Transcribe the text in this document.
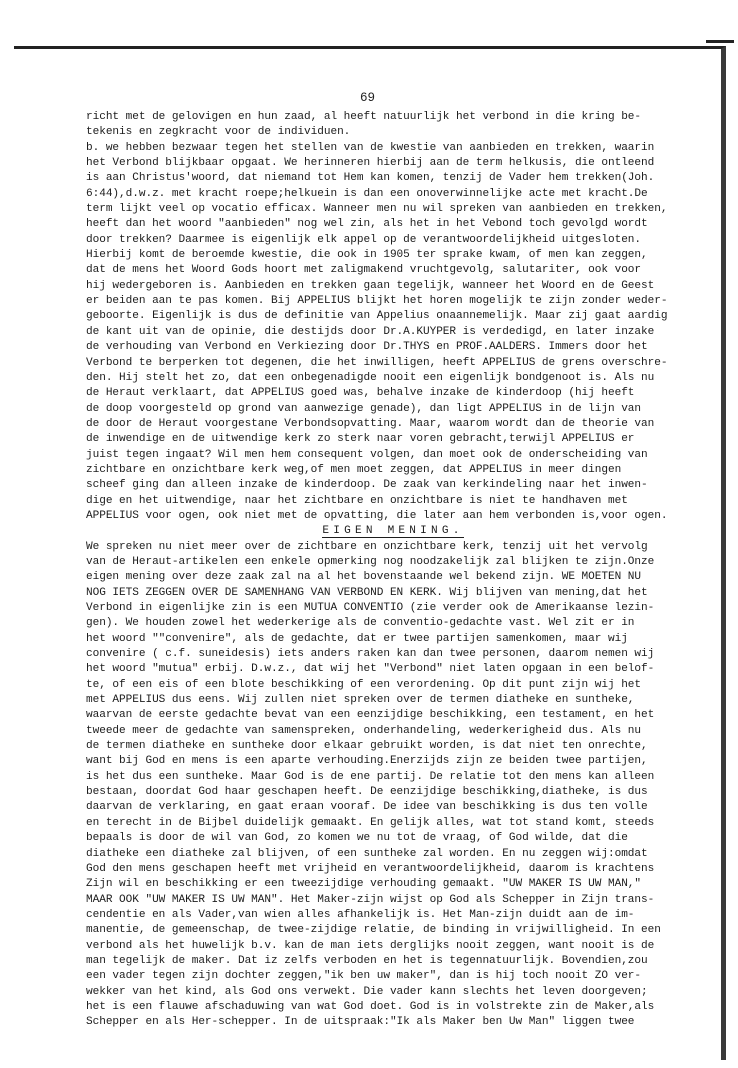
69
richt met de gelovigen en hun zaad, al heeft natuurlijk het verbond in die kring be-
tekenis en zegkracht voor de individuen.
b. we hebben bezwaar tegen het stellen van de kwestie van aanbieden en trekken, waarin
het Verbond blijkbaar opgaat. We herinneren hierbij aan de term helkusis, die ontleend
is aan Christus'woord, dat niemand tot Hem kan komen, tenzij de Vader hem trekken(Joh.
6:44),d.w.z. met kracht roepe;helkuein is dan een onoverwinnelijke acte met kracht.De
term lijkt veel op vocatio efficax. Wanneer men nu wil spreken van aanbieden en trekken,
heeft dan het woord "aanbieden" nog wel zin, als het in het Vebond toch gevolgd wordt
door trekken? Daarmee is eigenlijk elk appel op de verantwoordelijkheid uitgesloten.
Hierbij komt de beroemde kwestie, die ook in 1905 ter sprake kwam, of men kan zeggen,
dat de mens het Woord Gods hoort met zaligmakend vruchtgevolg, salutariter, ook voor
hij wedergeboren is. Aanbieden en trekken gaan tegelijk, wanneer het Woord en de Geest
er beiden aan te pas komen. Bij APPELIUS blijkt het horen mogelijk te zijn zonder weder-
geboorte. Eigenlijk is dus de definitie van Appelius onaannemelijk. Maar zij gaat aardig
de kant uit van de opinie, die destijds door Dr.A.KUYPER is verdedigd, en later inzake
de verhouding van Verbond en Verkiezing door Dr.THYS en PROF.AALDERS. Immers door het
Verbond te berperken tot degenen, die het inwilligen, heeft APPELIUS de grens overschre-
den. Hij stelt het zo, dat een onbegenadigde nooit een eigenlijk bondgenoot is. Als nu
de Heraut verklaart, dat APPELIUS goed was, behalve inzake de kinderdoop (hij heeft
de doop voorgesteld op grond van aanwezige genade), dan ligt APPELIUS in de lijn van
de door de Heraut voorgestane Verbondsopvatting. Maar, waarom wordt dan de theorie van
de inwendige en de uitwendige kerk zo sterk naar voren gebracht,terwijl APPELIUS er
juist tegen ingaat? Wil men hem consequent volgen, dan moet ook de onderscheiding van
zichtbare en onzichtbare kerk weg,of men moet zeggen, dat APPELIUS in meer dingen
scheef ging dan alleen inzake de kinderdoop. De zaak van kerkindeling naar het inwen-
dige en het uitwendige, naar het zichtbare en onzichtbare is niet te handhaven met
APPELIUS voor ogen, ook niet met de opvatting, die later aan hem verbonden is,voor ogen.
EIGEN MENING.
We spreken nu niet meer over de zichtbare en onzichtbare kerk, tenzij uit het vervolg
van de Heraut-artikelen een enkele opmerking nog noodzakelijk zal blijken te zijn.Onze
eigen mening over deze zaak zal na al het bovenstaande wel bekend zijn. WE MOETEN NU
NOG IETS ZEGGEN OVER DE SAMENHANG VAN VERBOND EN KERK. Wij blijven van mening,dat het
Verbond in eigenlijke zin is een MUTUA CONVENTIO (zie verder ook de Amerikaanse lezin-
gen). We houden zowel het wederkerige als de conventio-gedachte vast. Wel zit er in
het woord ""convenire", als de gedachte, dat er twee partijen samenkomen, maar wij
convenire ( c.f. suneidesis) iets anders raken kan dan twee personen, daarom nemen wij
het woord "mutua" erbij. D.w.z., dat wij het "Verbond" niet laten opgaan in een belof-
te, of een eis of een blote beschikking of een verordening. Op dit punt zijn wij het
met APPELIUS dus eens. Wij zullen niet spreken over de termen diatheke en suntheke,
waarvan de eerste gedachte bevat van een eenzijdige beschikking, een testament, en het
tweede meer de gedachte van samenspreken, onderhandeling, wederkerigheid dus. Als nu
de termen diatheke en suntheke door elkaar gebruikt worden, is dat niet ten onrechte,
want bij God en mens is een aparte verhouding.Enerzijds zijn ze beiden twee partijen,
is het dus een suntheke. Maar God is de ene partij. De relatie tot den mens kan alleen
bestaan, doordat God haar geschapen heeft. De eenzijdige beschikking,diatheke, is dus
daarvan de verklaring, en gaat eraan vooraf. De idee van beschikking is dus ten volle
en terecht in de Bijbel duidelijk gemaakt. En gelijk alles, wat tot stand komt, steeds
bepaals is door de wil van God, zo komen we nu tot de vraag, of God wilde, dat die
diatheke een diatheke zal blijven, of een suntheke zal worden. En nu zeggen wij:omdat
God den mens geschapen heeft met vrijheid en verantwoordelijkheid, daarom is krachtens
Zijn wil en beschikking er een tweezijdige verhouding gemaakt. "UW MAKER IS UW MAN,"
MAAR OOK "UW MAKER IS UW MAN". Het Maker-zijn wijst op God als Schepper in Zijn trans-
cendentie en als Vader,van wien alles afhankelijk is. Het Man-zijn duidt aan de im-
manentie, de gemeenschap, de twee-zijdige relatie, de binding in vrijwilligheid. In een
verbond als het huwelijk b.v. kan de man iets derglijks nooit zeggen, want nooit is de
man tegelijk de maker. Dat iz zelfs verboden en het is tegennatuurlijk. Bovendien,zou
een vader tegen zijn dochter zeggen,"ik ben uw maker", dan is hij toch nooit ZO ver-
wekker van het kind, als God ons verwekt. Die vader kann slechts het leven doorgeven;
het is een flauwe afschaduwing van wat God doet. God is in volstrekte zin de Maker,als
Schepper en als Her-schepper. In de uitspraak:"Ik als Maker ben Uw Man" liggen twee
